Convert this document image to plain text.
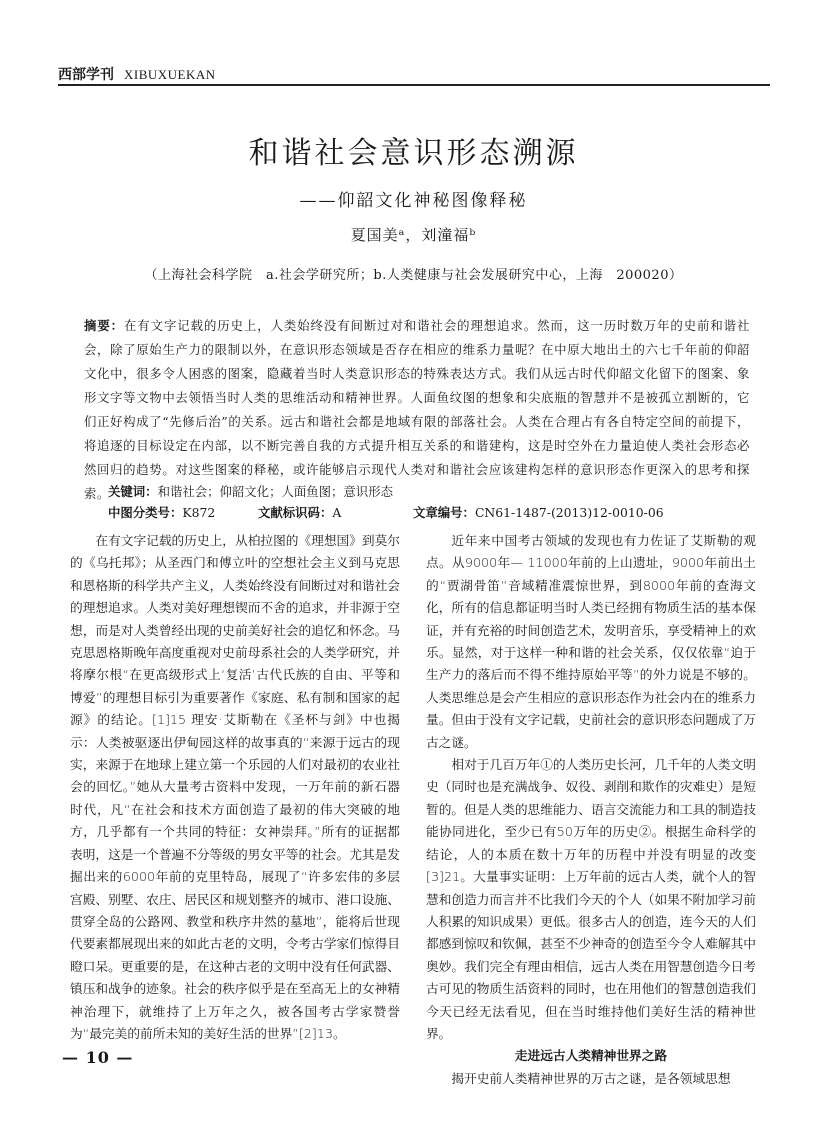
西部学刊 XIBUXUEKAN
和谐社会意识形态溯源
——仰韶文化神秘图像释秘
夏国美ᵃ，刘潼福ᵇ
（上海社会科学院　a.社会学研究所；b.人类健康与社会发展研究中心，上海　200020）
摘要：在有文字记载的历史上，人类始终没有间断过对和谐社会的理想追求。然而，这一历时数万年的史前和谐社会，除了原始生产力的限制以外，在意识形态领域是否存在相应的维系力量呢？在中原大地出土的六七千年前的仰韶文化中，很多令人困惑的图案，隐藏着当时人类意识形态的特殊表达方式。我们从远古时代仰韶文化留下的图案、象形文字等文物中去领悟当时人类的思维活动和精神世界。人面鱼纹图的想象和尖底瓶的智慧并不是被孤立割断的，它们正好构成了“先修后治”的关系。远古和谐社会都是地域有限的部落社会。人类在合理占有各自特定空间的前提下，将追逐的目标设定在内部，以不断完善自我的方式提升相互关系的和谐建构，这是时空外在力量迫使人类社会形态必然回归的趋势。对这些图案的释秘，或许能够启示现代人类对和谐社会应该建构怎样的意识形态作更深入的思考和探索。
关键词：和谐社会；仰韶文化；人面鱼图；意识形态
中图分类号：K872	文献标识码：A	文章编号：CN61-1487-(2013)12-0010-06

在有文字记载的历史上，从柏拉图的《理想国》到莫尔的《乌托邦》；从圣西门和傅立叶的空想社会主义到马克思和恩格斯的科学共产主义，人类始终没有间断过对和谐社会的理想追求。人类对美好理想锲而不舍的追求，并非源于空想，而是对人类曾经出现的史前美好社会的追忆和怀念。马克思恩格斯晚年高度重视对史前母系社会的人类学研究，并将摩尔根“在更高级形式上‘复活’古代氏族的自由、平等和博爱”的理想目标引为重要著作《家庭、私有制和国家的起源》的结论。[1]15 理安·艾斯勒在《圣杯与剑》中也揭示：人类被驱逐出伊甸园这样的故事真的“来源于远古的现实，来源于在地球上建立第一个乐园的人们对最初的农业社会的回忆。”她从大量考古资料中发现，一万年前的新石器时代，凡“在社会和技术方面创造了最初的伟大突破的地方，几乎都有一个共同的特征：女神崇拜。”所有的证据都表明，这是一个普遍不分等级的男女平等的社会。尤其是发掘出来的6000年前的克里特岛，展现了“许多宏伟的多层宫殿、别墅、农庄、居民区和规划整齐的城市、港口设施、贯穿全岛的公路网、教堂和秩序井然的墓地”，能将后世现代要素都展现出来的如此古老的文明，令考古学家们惊得目瞪口呆。更重要的是，在这种古老的文明中没有任何武器、镇压和战争的迹象。社会的秩序似乎是在至高无上的女神精神治理下，就维持了上万年之久，被各国考古学家赞誉为“最完美的前所未知的美好生活的世界”[2]13。

近年来中国考古领域的发现也有力佐证了艾斯勒的观点。从9000年— 11000年前的上山遗址，9000年前出土的“贾湖骨笛”音域精准震惊世界，到8000年前的查海文化，所有的信息都证明当时人类已经拥有物质生活的基本保证，并有充裕的时间创造艺术，发明音乐，享受精神上的欢乐。显然，对于这样一种和谐的社会关系，仅仅依靠“迫于生产力的落后而不得不维持原始平等”的外力说是不够的。人类思维总是会产生相应的意识形态作为社会内在的维系力量。但由于没有文字记载，史前社会的意识形态问题成了万古之谜。

相对于几百万年①的人类历史长河，几千年的人类文明史（同时也是充满战争、奴役、剥削和欺作的灾难史）是短暂的。但是人类的思维能力、语言交流能力和工具的制造技能协同进化，至少已有50万年的历史②。根据生命科学的结论，人的本质在数十万年的历程中并没有明显的改变[3]21。大量事实证明：上万年前的远古人类，就个人的智慧和创造力而言并不比我们今天的个人（如果不附加学习前人积累的知识成果）更低。很多古人的创造，连今天的人们都感到惊叹和钦佩，甚至不少神奇的创造至今令人难解其中奥妙。我们完全有理由相信，远古人类在用智慧创造今日考古可见的物质生活资料的同时，也在用他们的智慧创造我们今天已经无法看见，但在当时维持他们美好生活的精神世界。

走进远古人类精神世界之路

揭开史前人类精神世界的万古之谜，是各领域思想

— 10 —
